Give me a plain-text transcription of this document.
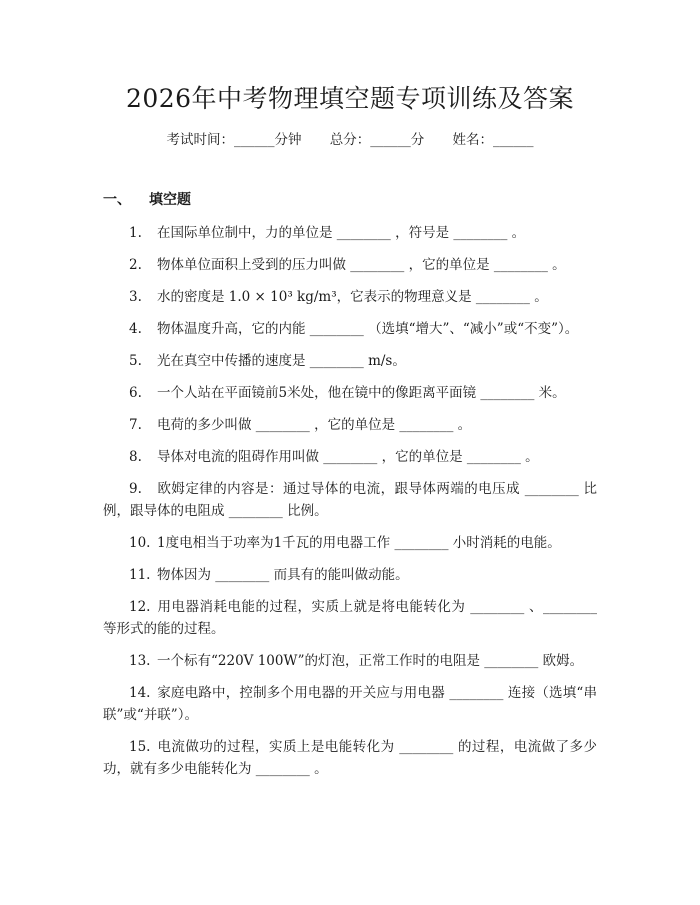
2026年中考物理填空题专项训练及答案
考试时间：______分钟 总分：______分 姓名：______
一、 填空题

1. 在国际单位制中，力的单位是 ________ ，符号是 ________ 。

2. 物体单位面积上受到的压力叫做 ________ ，它的单位是 ________ 。

3. 水的密度是 1.0 × 10³ kg/m³，它表示的物理意义是 ________ 。

4. 物体温度升高，它的内能 ________ （选填“增大”、“减小”或“不变”）。

5. 光在真空中传播的速度是 ________ m/s。

6. 一个人站在平面镜前5米处，他在镜中的像距离平面镜 ________ 米。

7. 电荷的多少叫做 ________ ，它的单位是 ________ 。

8. 导体对电流的阻碍作用叫做 ________ ，它的单位是 ________ 。

9. 欧姆定律的内容是：通过导体的电流，跟导体两端的电压成 ________ 比例，跟导体的电阻成 ________ 比例。

10. 1度电相当于功率为1千瓦的用电器工作 ________ 小时消耗的电能。

11. 物体因为 ________ 而具有的能叫做动能。

12. 用电器消耗电能的过程，实质上就是将电能转化为 ________ 、________ 等形式的能的过程。

13. 一个标有“220V 100W”的灯泡，正常工作时的电阻是 ________ 欧姆。

14. 家庭电路中，控制多个用电器的开关应与用电器 ________ 连接（选填“串联”或“并联”）。

15. 电流做功的过程，实质上是电能转化为 ________ 的过程，电流做了多少功，就有多少电能转化为 ________ 。
